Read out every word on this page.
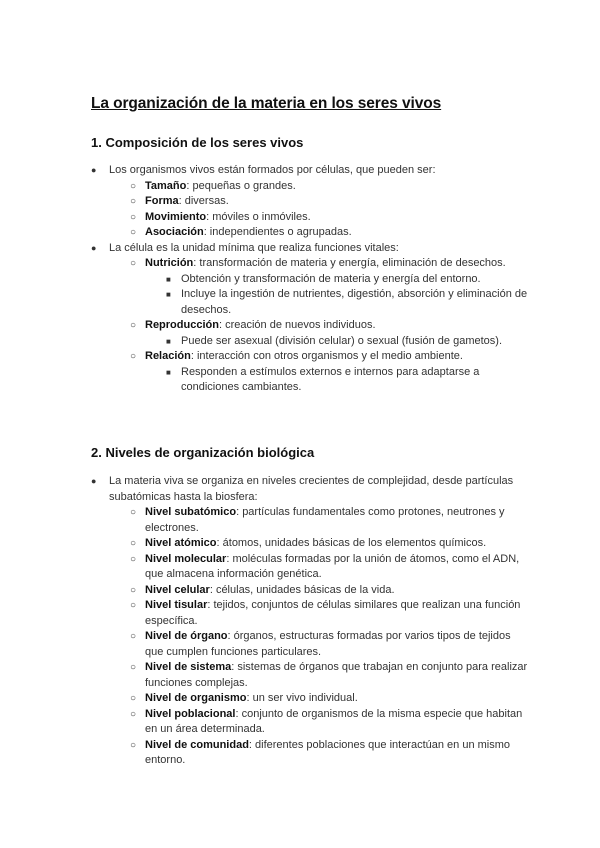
La organización de la materia en los seres vivos
1. Composición de los seres vivos
● Los organismos vivos están formados por células, que pueden ser:
○ Tamaño: pequeñas o grandes.
○ Forma: diversas.
○ Movimiento: móviles o inmóviles.
○ Asociación: independientes o agrupadas.
● La célula es la unidad mínima que realiza funciones vitales:
○ Nutrición: transformación de materia y energía, eliminación de desechos.
■ Obtención y transformación de materia y energía del entorno.
■ Incluye la ingestión de nutrientes, digestión, absorción y eliminación de desechos.
○ Reproducción: creación de nuevos individuos.
■ Puede ser asexual (división celular) o sexual (fusión de gametos).
○ Relación: interacción con otros organismos y el medio ambiente.
■ Responden a estímulos externos e internos para adaptarse a condiciones cambiantes.
2. Niveles de organización biológica
● La materia viva se organiza en niveles crecientes de complejidad, desde partículas subatómicas hasta la biosfera:
○ Nivel subatómico: partículas fundamentales como protones, neutrones y electrones.
○ Nivel atómico: átomos, unidades básicas de los elementos químicos.
○ Nivel molecular: moléculas formadas por la unión de átomos, como el ADN, que almacena información genética.
○ Nivel celular: células, unidades básicas de la vida.
○ Nivel tisular: tejidos, conjuntos de células similares que realizan una función específica.
○ Nivel de órgano: órganos, estructuras formadas por varios tipos de tejidos que cumplen funciones particulares.
○ Nivel de sistema: sistemas de órganos que trabajan en conjunto para realizar funciones complejas.
○ Nivel de organismo: un ser vivo individual.
○ Nivel poblacional: conjunto de organismos de la misma especie que habitan en un área determinada.
○ Nivel de comunidad: diferentes poblaciones que interactúan en un mismo entorno.
